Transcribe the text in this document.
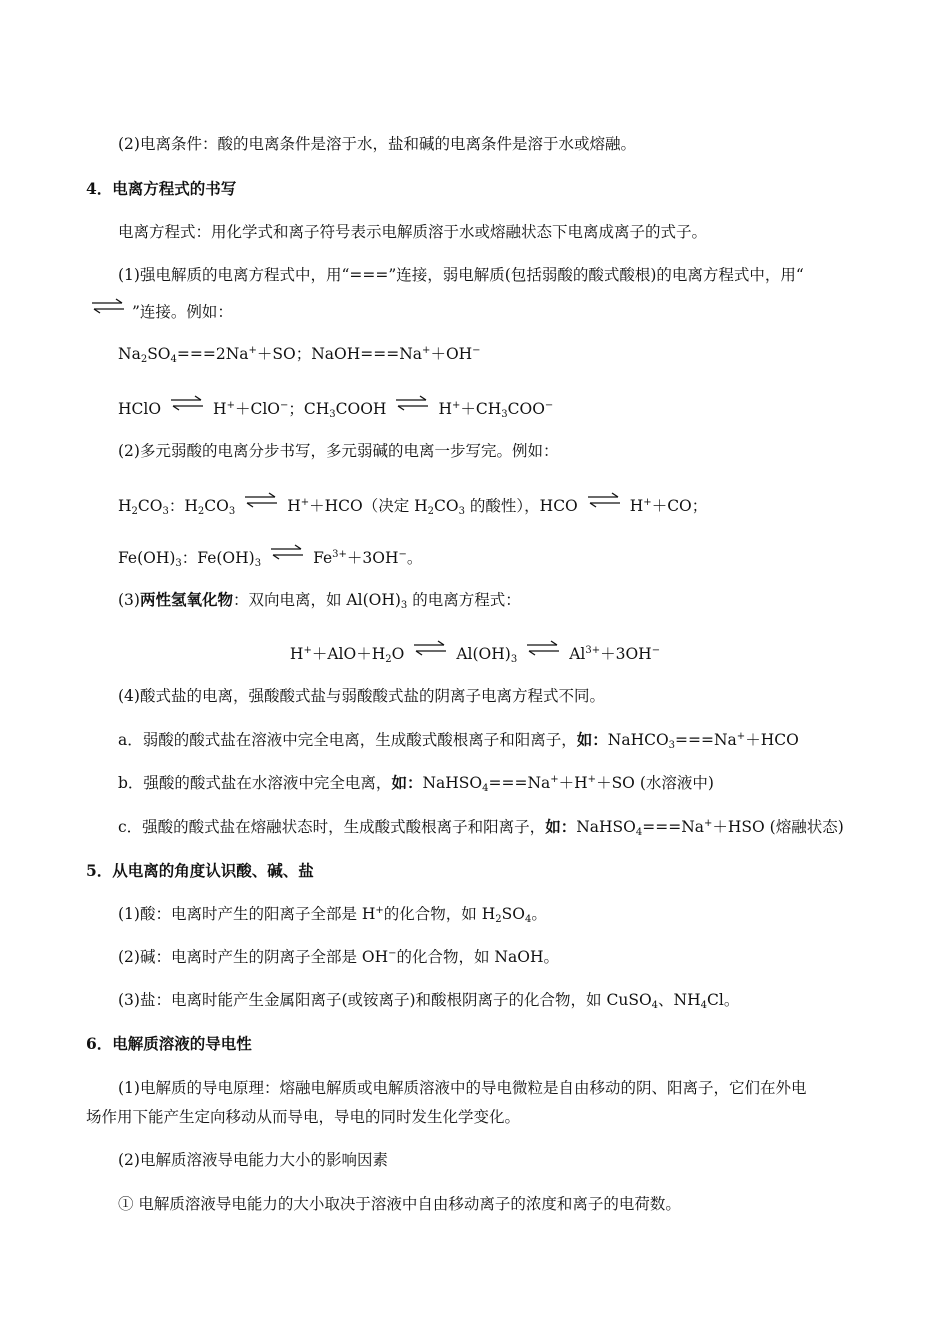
(2)电离条件：酸的电离条件是溶于水，盐和碱的电离条件是溶于水或熔融。
4．电离方程式的书写
电离方程式：用化学式和离子符号表示电解质溶于水或熔融状态下电离成离子的式子。
(1)强电解质的电离方程式中，用“===”连接，弱电解质(包括弱酸的酸式酸根)的电离方程式中，用“
⇌ ”连接。例如：
$Na_2SO_4===2Na^++SO$；NaOH===Na+＋OH−
HClO ⇌ H+＋ClO−；$CH_3COOH$ ⇌ $H^++CH_3COO^-$
(2)多元弱酸的电离分步书写，多元弱碱的电离一步写完。例如：
$H_2CO_3$：$H_2CO_3$ ⇌ H+＋HCO（决定 $H_2CO_3$ 的酸性），HCO ⇌ H+＋CO；
$Fe(OH)_3$：$Fe(OH)_3$ ⇌ $Fe^{3+}+3OH^-$。
(3)两性氢氧化物：双向电离，如 $Al(OH)_3$ 的电离方程式：
$H^++AlO+H_2O$ ⇌ $Al(OH)_3$ ⇌ $Al^{3+}+3OH^-$
(4)酸式盐的电离，强酸酸式盐与弱酸酸式盐的阴离子电离方程式不同。
a．弱酸的酸式盐在溶液中完全电离，生成酸式酸根离子和阳离子，如：NaHCO$_3$===Na+＋HCO
b．强酸的酸式盐在水溶液中完全电离，如：NaHSO$_4$===Na+＋H+＋SO (水溶液中)
c．强酸的酸式盐在熔融状态时，生成酸式酸根离子和阳离子，如：NaHSO$_4$===Na+＋HSO (熔融状态)
5．从电离的角度认识酸、碱、盐
(1)酸：电离时产生的阳离子全部是 H+的化合物，如 $H_2SO_4$。
(2)碱：电离时产生的阴离子全部是 OH−的化合物，如 NaOH。
(3)盐：电离时能产生金属阳离子(或铵离子)和酸根阴离子的化合物，如 CuSO$_4$、$NH_4Cl$。
6．电解质溶液的导电性
(1)电解质的导电原理：熔融电解质或电解质溶液中的导电微粒是自由移动的阴、阳离子，它们在外电
场作用下能产生定向移动从而导电，导电的同时发生化学变化。
(2)电解质溶液导电能力大小的影响因素
① 电解质溶液导电能力的大小取决于溶液中自由移动离子的浓度和离子的电荷数。
